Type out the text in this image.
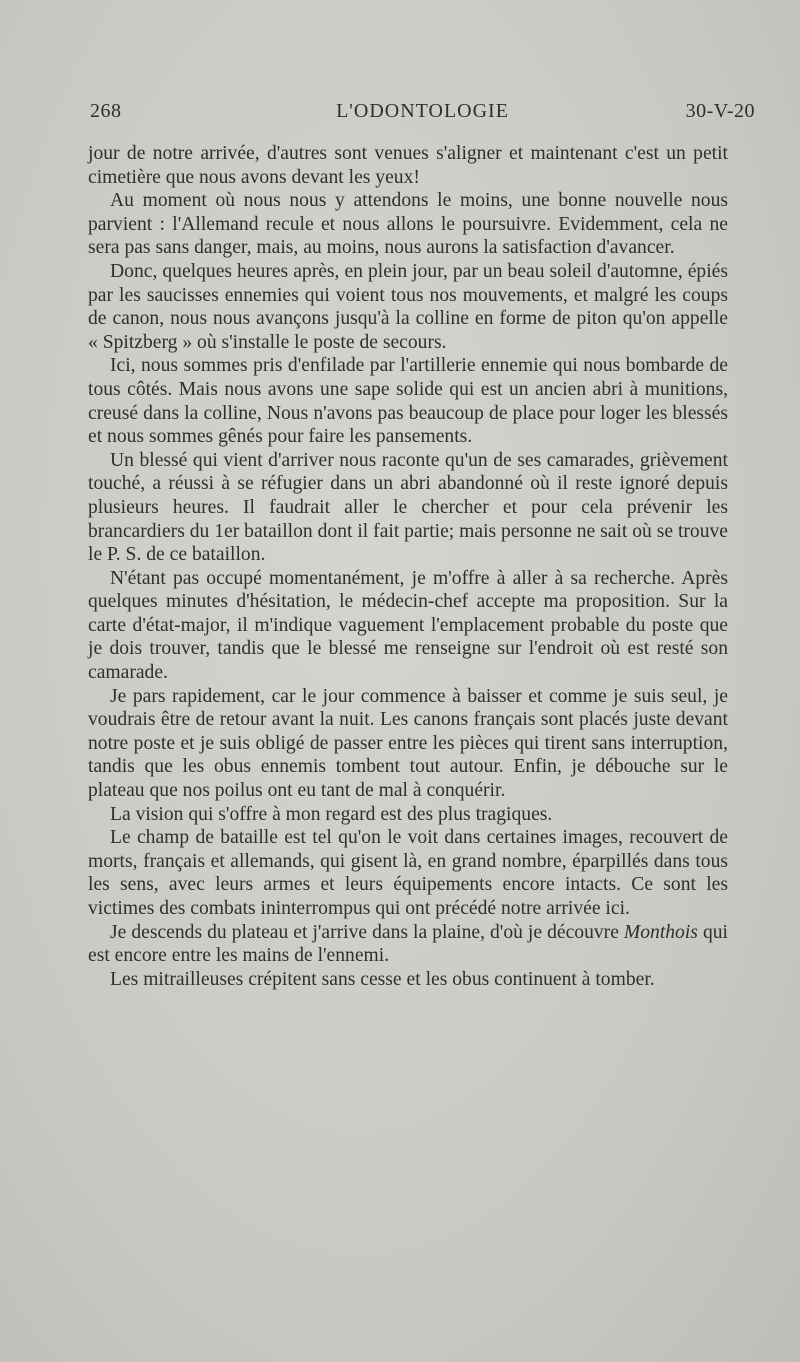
268	L'ODONTOLOGIE	30-V-20

jour de notre arrivée, d'autres sont venues s'aligner et maintenant c'est un petit cimetière que nous avons devant les yeux!

Au moment où nous nous y attendons le moins, une bonne nouvelle nous parvient : l'Allemand recule et nous allons le poursuivre. Evidemment, cela ne sera pas sans danger, mais, au moins, nous aurons la satisfaction d'avancer.

Donc, quelques heures après, en plein jour, par un beau soleil d'automne, épiés par les saucisses ennemies qui voient tous nos mouvements, et malgré les coups de canon, nous nous avançons jusqu'à la colline en forme de piton qu'on appelle « Spitzberg » où s'installe le poste de secours.

Ici, nous sommes pris d'enfilade par l'artillerie ennemie qui nous bombarde de tous côtés. Mais nous avons une sape solide qui est un ancien abri à munitions, creusé dans la colline, Nous n'avons pas beaucoup de place pour loger les blessés et nous sommes gênés pour faire les pansements.

Un blessé qui vient d'arriver nous raconte qu'un de ses camarades, grièvement touché, a réussi à se réfugier dans un abri abandonné où il reste ignoré depuis plusieurs heures. Il faudrait aller le chercher et pour cela prévenir les brancardiers du 1er bataillon dont il fait partie; mais personne ne sait où se trouve le P. S. de ce bataillon.

N'étant pas occupé momentanément, je m'offre à aller à sa recherche. Après quelques minutes d'hésitation, le médecin-chef accepte ma proposition. Sur la carte d'état-major, il m'indique vaguement l'emplacement probable du poste que je dois trouver, tandis que le blessé me renseigne sur l'endroit où est resté son camarade.

Je pars rapidement, car le jour commence à baisser et comme je suis seul, je voudrais être de retour avant la nuit. Les canons français sont placés juste devant notre poste et je suis obligé de passer entre les pièces qui tirent sans interruption, tandis que les obus ennemis tombent tout autour. Enfin, je débouche sur le plateau que nos poilus ont eu tant de mal à conquérir.

La vision qui s'offre à mon regard est des plus tragiques.

Le champ de bataille est tel qu'on le voit dans certaines images, recouvert de morts, français et allemands, qui gisent là, en grand nombre, éparpillés dans tous les sens, avec leurs armes et leurs équipements encore intacts. Ce sont les victimes des combats ininterrompus qui ont précédé notre arrivée ici.

Je descends du plateau et j'arrive dans la plaine, d'où je découvre Monthois qui est encore entre les mains de l'ennemi.

Les mitrailleuses crépitent sans cesse et les obus continuent à tomber.
